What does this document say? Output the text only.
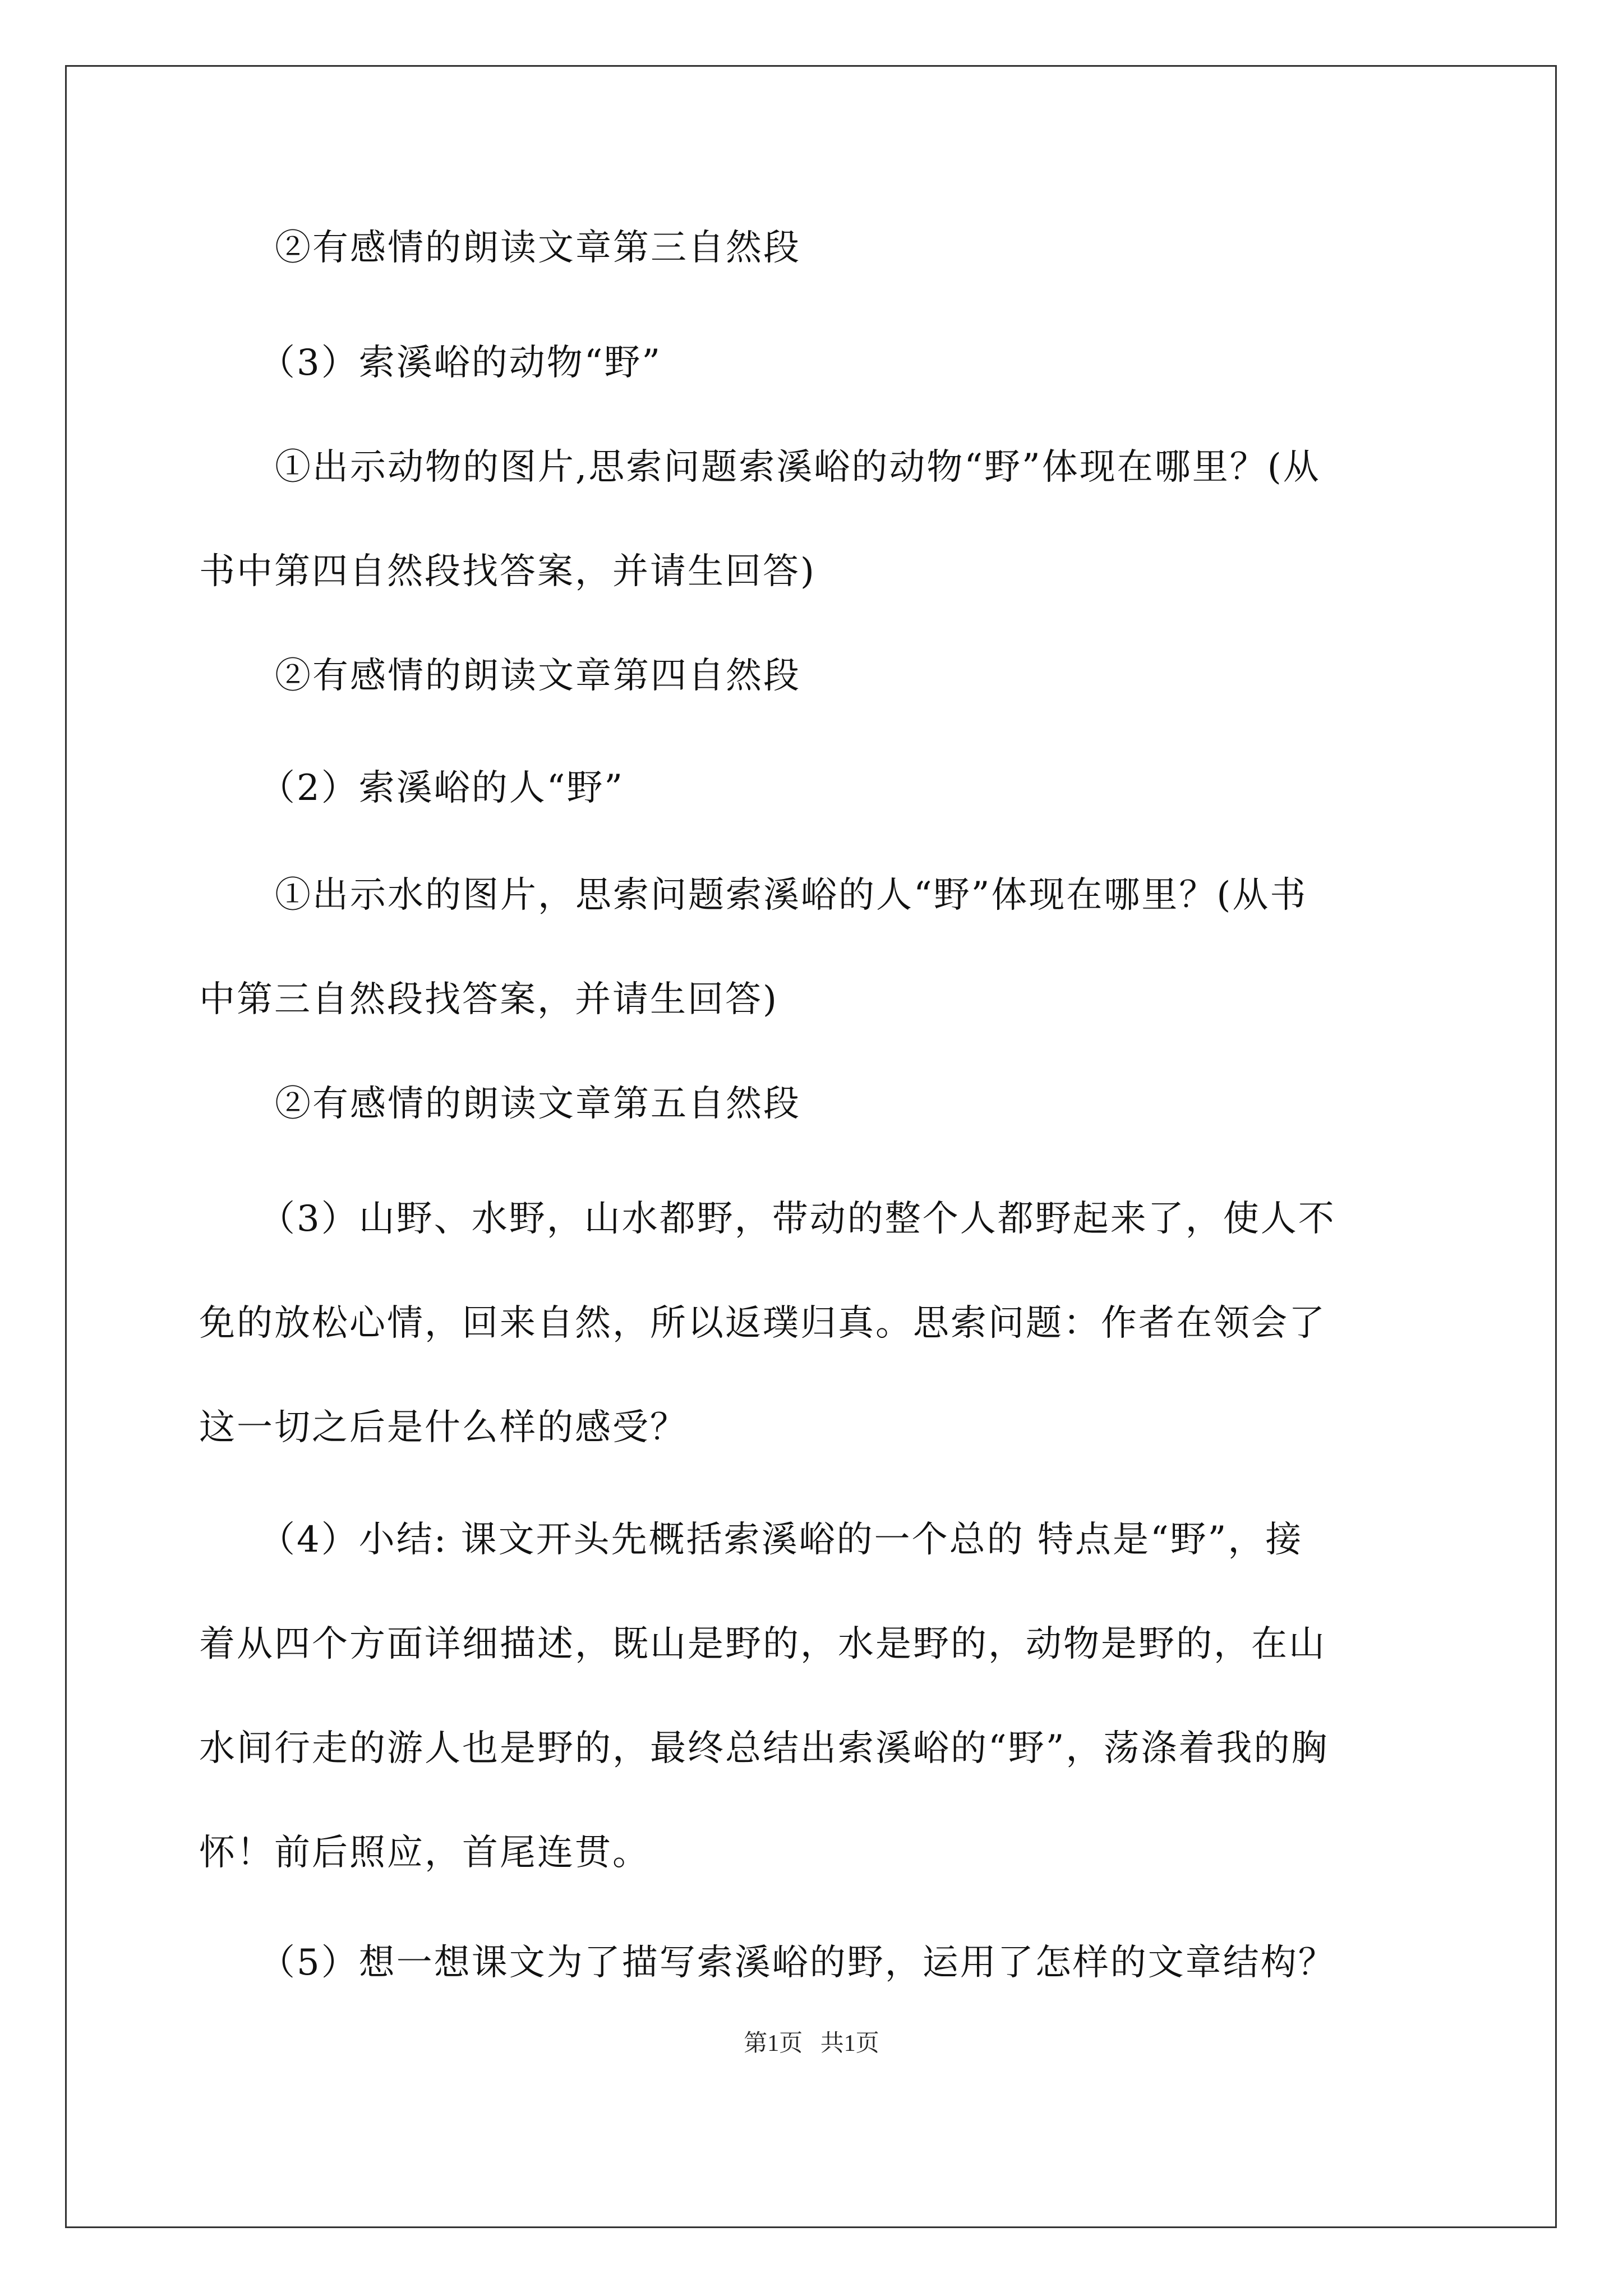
②有感情的朗读文章第三自然段
（3）索溪峪的动物“野”
①出示动物的图片,思索问题索溪峪的动物“野”体现在哪里？(从
书中第四自然段找答案，并请生回答)
②有感情的朗读文章第四自然段
（2）索溪峪的人“野”
①出示水的图片，思索问题索溪峪的人“野”体现在哪里？(从书
中第三自然段找答案，并请生回答)
②有感情的朗读文章第五自然段
（3）山野、水野，山水都野，带动的整个人都野起来了，使人不
免的放松心情，回来自然，所以返璞归真。思索问题：作者在领会了
这一切之后是什么样的感受？
（4）小结: 课文开头先概括索溪峪的一个总的 特点是“野”，接
着从四个方面详细描述，既山是野的，水是野的，动物是野的，在山
水间行走的游人也是野的，最终总结出索溪峪的“野”，荡涤着我的胸
怀！前后照应，首尾连贯。
（5）想一想课文为了描写索溪峪的野，运用了怎样的文章结构？
第1页   共1页
